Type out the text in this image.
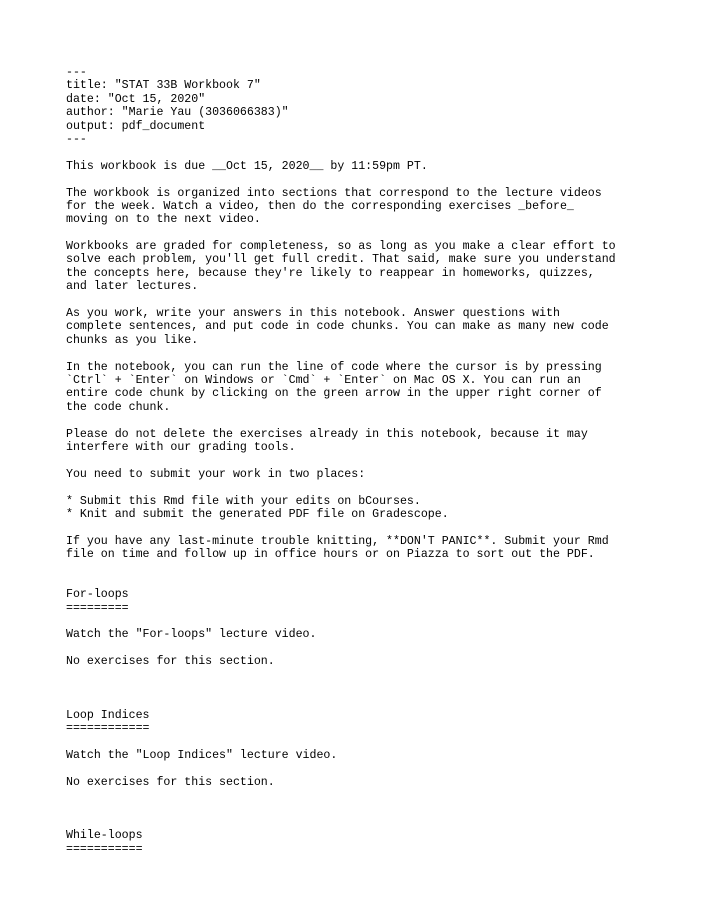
---
title: "STAT 33B Workbook 7"
date: "Oct 15, 2020"
author: "Marie Yau (3036066383)"
output: pdf_document
---
This workbook is due __Oct 15, 2020__ by 11:59pm PT.
The workbook is organized into sections that correspond to the lecture videos
for the week. Watch a video, then do the corresponding exercises _before_
moving on to the next video.
Workbooks are graded for completeness, so as long as you make a clear effort to
solve each problem, you'll get full credit. That said, make sure you understand
the concepts here, because they're likely to reappear in homeworks, quizzes,
and later lectures.
As you work, write your answers in this notebook. Answer questions with
complete sentences, and put code in code chunks. You can make as many new code
chunks as you like.
In the notebook, you can run the line of code where the cursor is by pressing
`Ctrl` + `Enter` on Windows or `Cmd` + `Enter` on Mac OS X. You can run an
entire code chunk by clicking on the green arrow in the upper right corner of
the code chunk.
Please do not delete the exercises already in this notebook, because it may
interfere with our grading tools.
You need to submit your work in two places:
* Submit this Rmd file with your edits on bCourses.
* Knit and submit the generated PDF file on Gradescope.
If you have any last-minute trouble knitting, **DON'T PANIC**. Submit your Rmd
file on time and follow up in office hours or on Piazza to sort out the PDF.
For-loops
=========
Watch the "For-loops" lecture video.
No exercises for this section.
Loop Indices
============
Watch the "Loop Indices" lecture video.
No exercises for this section.
While-loops
===========
